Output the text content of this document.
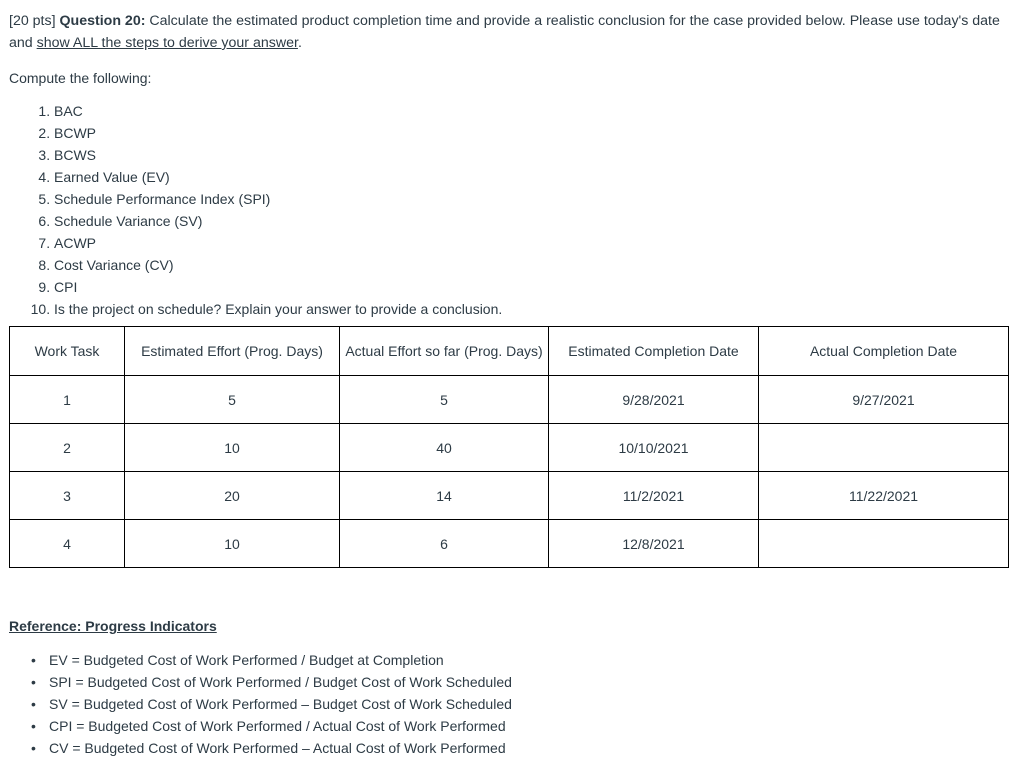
[20 pts] Question 20: Calculate the estimated product completion time and provide a realistic conclusion for the case provided below. Please use today's date and show ALL the steps to derive your answer.

Compute the following:

1. BAC
2. BCWP
3. BCWS
4. Earned Value (EV)
5. Schedule Performance Index (SPI)
6. Schedule Variance (SV)
7. ACWP
8. Cost Variance (CV)
9. CPI
10. Is the project on schedule? Explain your answer to provide a conclusion.
Work Task	Estimated Effort (Prog. Days)	Actual Effort so far (Prog. Days)	Estimated Completion Date	Actual Completion Date
1	5	5	9/28/2021	9/27/2021
2	10	40	10/10/2021	
3	20	14	11/2/2021	11/22/2021
4	10	6	12/8/2021	

Reference: Progress Indicators

• EV = Budgeted Cost of Work Performed / Budget at Completion
• SPI = Budgeted Cost of Work Performed / Budget Cost of Work Scheduled
• SV = Budgeted Cost of Work Performed – Budget Cost of Work Scheduled
• CPI = Budgeted Cost of Work Performed / Actual Cost of Work Performed
• CV = Budgeted Cost of Work Performed – Actual Cost of Work Performed
